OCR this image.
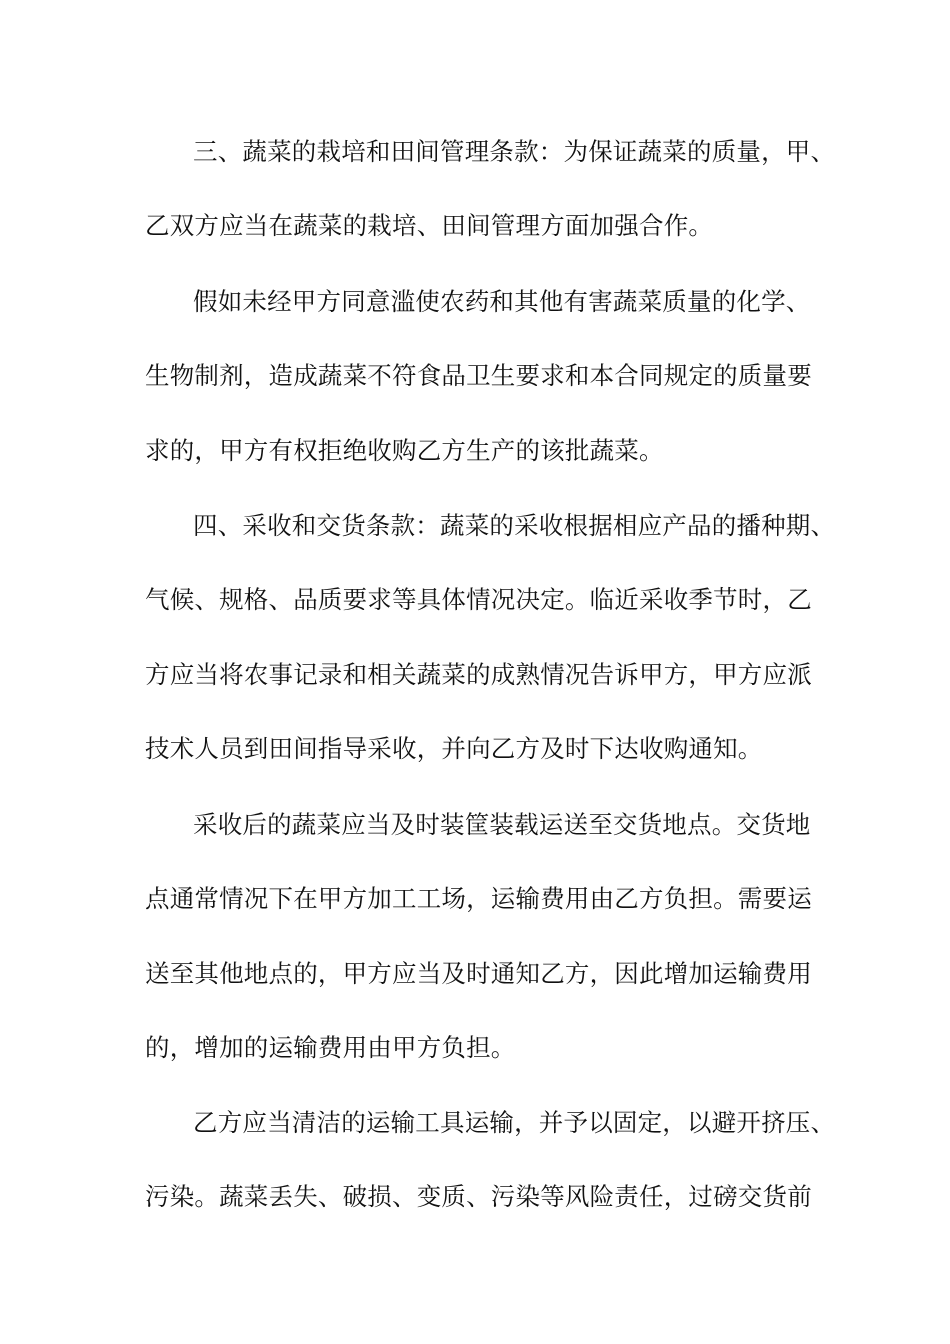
三、蔬菜的栽培和田间管理条款：为保证蔬菜的质量，甲、
乙双方应当在蔬菜的栽培、田间管理方面加强合作。
假如未经甲方同意滥使农药和其他有害蔬菜质量的化学、
生物制剂，造成蔬菜不符食品卫生要求和本合同规定的质量要
求的，甲方有权拒绝收购乙方生产的该批蔬菜。
四、采收和交货条款：蔬菜的采收根据相应产品的播种期、
气候、规格、品质要求等具体情况决定。临近采收季节时，乙
方应当将农事记录和相关蔬菜的成熟情况告诉甲方，甲方应派
技术人员到田间指导采收，并向乙方及时下达收购通知。
采收后的蔬菜应当及时装筐装载运送至交货地点。交货地
点通常情况下在甲方加工工场，运输费用由乙方负担。需要运
送至其他地点的，甲方应当及时通知乙方，因此增加运输费用
的，增加的运输费用由甲方负担。
乙方应当清洁的运输工具运输，并予以固定，以避开挤压、
污染。蔬菜丢失、破损、变质、污染等风险责任，过磅交货前
